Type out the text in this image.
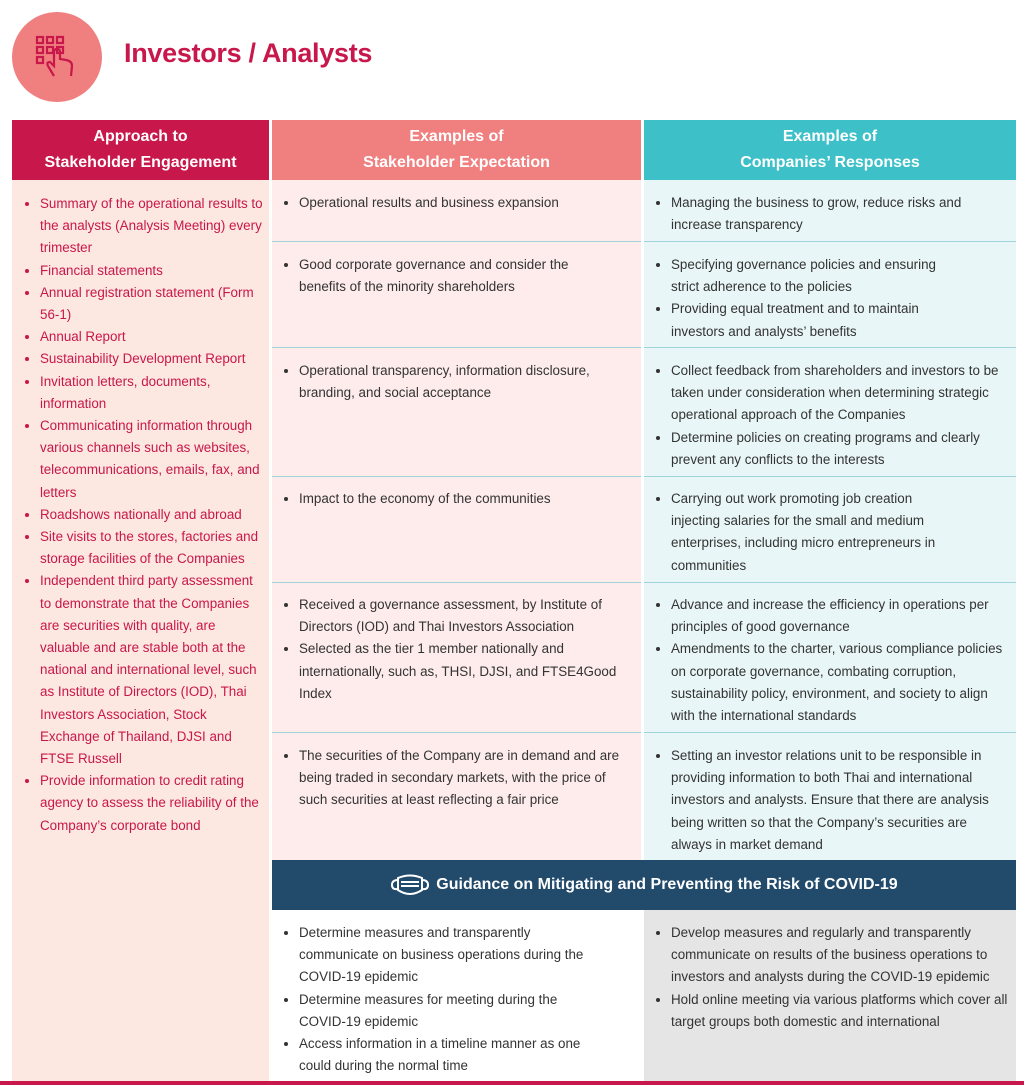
Investors / Analysts
Approach to
Stakeholder Engagement
Examples of
Stakeholder Expectation
Examples of
Companies’ Responses
• Summary of the operational results to the analysts (Analysis Meeting) every trimester
• Financial statements
• Annual registration statement (Form 56-1)
• Annual Report
• Sustainability Development Report
• Invitation letters, documents, information
• Communicating information through various channels such as websites, telecommunications, emails, fax, and letters
• Roadshows nationally and abroad
• Site visits to the stores, factories and storage facilities of the Companies
• Independent third party assessment to demonstrate that the Companies are securities with quality, are valuable and are stable both at the national and international level, such as Institute of Directors (IOD), Thai Investors Association, Stock Exchange of Thailand, DJSI and FTSE Russell
• Provide information to credit rating agency to assess the reliability of the Company’s corporate bond
• Operational results and business expansion	• Managing the business to grow, reduce risks and increase transparency
• Good corporate governance and consider the benefits of the minority shareholders
• Specifying governance policies and ensuring strict adherence to the policies
• Providing equal treatment and to maintain investors and analysts’ benefits
• Operational transparency, information disclosure, branding, and social acceptance
• Collect feedback from shareholders and investors to be taken under consideration when determining strategic operational approach of the Companies
• Determine policies on creating programs and clearly prevent any conflicts to the interests
• Impact to the economy of the communities	• Carrying out work promoting job creation injecting salaries for the small and medium enterprises, including micro entrepreneurs in communities
• Received a governance assessment, by Institute of Directors (IOD) and Thai Investors Association
• Selected as the tier 1 member nationally and internationally, such as, THSI, DJSI, and FTSE4Good Index
• Advance and increase the efficiency in operations per principles of good governance
• Amendments to the charter, various compliance policies on corporate governance, combating corruption, sustainability policy, environment, and society to align with the international standards
• The securities of the Company are in demand and are being traded in secondary markets, with the price of such securities at least reflecting a fair price
• Setting an investor relations unit to be responsible in providing information to both Thai and international investors and analysts. Ensure that there are analysis being written so that the Company’s securities are always in market demand
Guidance on Mitigating and Preventing the Risk of COVID-19
• Determine measures and transparently communicate on business operations during the COVID-19 epidemic
• Determine measures for meeting during the COVID-19 epidemic
• Access information in a timeline manner as one could during the normal time
• Develop measures and regularly and transparently communicate on results of the business operations to investors and analysts during the COVID-19 epidemic
• Hold online meeting via various platforms which cover all target groups both domestic and international
